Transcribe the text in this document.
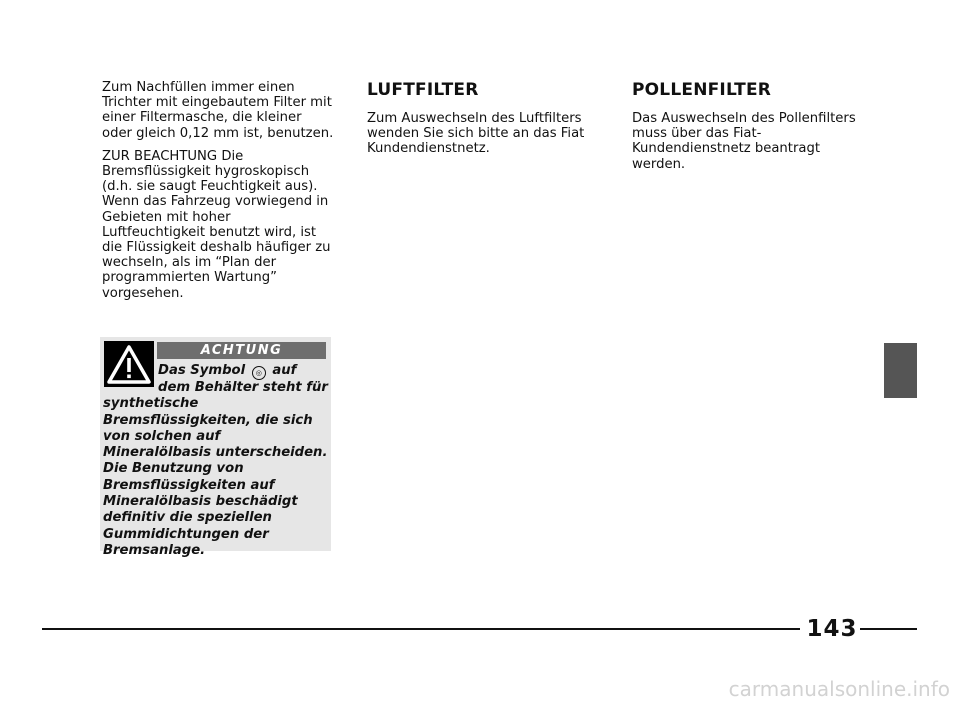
Zum Nachfüllen immer einen Trichter mit eingebautem Filter mit einer Filtermasche, die kleiner oder gleich 0,12 mm ist, benutzen.

ZUR BEACHTUNG Die Bremsflüssigkeit hygroskopisch (d.h. sie saugt Feuchtigkeit aus). Wenn das Fahrzeug vorwiegend in Gebieten mit hoher Luftfeuchtigkeit benutzt wird, ist die Flüssigkeit deshalb häufiger zu wechseln, als im “Plan der programmierten Wartung” vorgesehen.

ACHTUNG
Das Symbol ◎ auf dem Behälter steht für synthetische Bremsflüssigkeiten, die sich von solchen auf Mineralölbasis unterscheiden. Die Benutzung von Bremsflüssigkeiten auf Mineralölbasis beschädigt definitiv die speziellen Gummidichtungen der Bremsanlage.
LUFTFILTER

Zum Auswechseln des Luftfilters wenden Sie sich bitte an das Fiat Kundendienstnetz.

POLLENFILTER

Das Auswechseln des Pollenfilters muss über das Fiat-Kundendienstnetz beantragt werden.

143
carmanualsonline.info
